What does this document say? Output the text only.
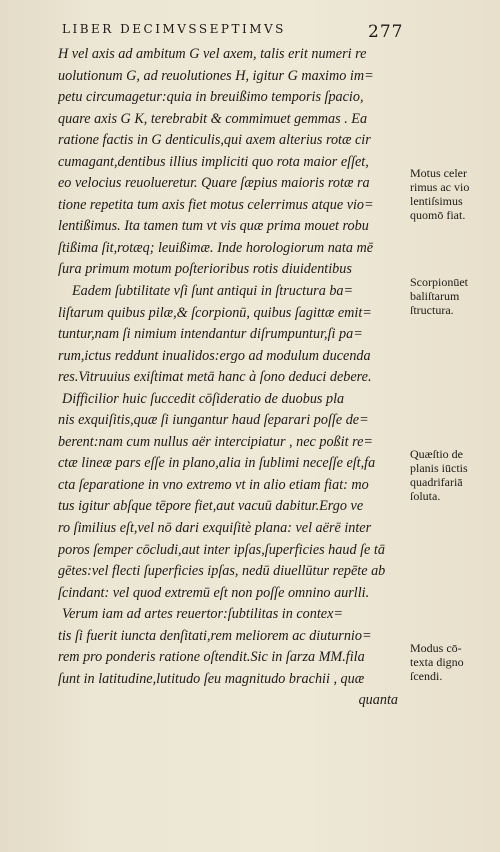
LIBER DECIMVSSEPTIMVS	277
H vel axis ad ambitum G vel axem, talis erit numeri re
uolutionum G, ad reuolutiones H, igitur G maximo im=
petu circumagetur:quia in breuißimo temporis ſpacio,
quare axis G K, terebrabit & commimuet gemmas . Ea
ratione factis in G denticulis,qui axem alterius rotæ cir
cumagant,dentibus illius impliciti quo rota maior eſſet,
eo velocius reuolueretur. Quare ſæpius maioris rotæ ra
tione repetita tum axis fiet motus celerrimus atque vio=
lentißimus. Ita tamen tum vt vis quæ prima mouet robu
ſtißima ſit,rotæq; leuißimæ. Inde horologiorum nata mē
ſura primum motum poſterioribus rotis diuidentibus
Eadem ſubtilitate vſi ſunt antiqui in ſtructura ba=
liſtarum quibus pilæ,& ſcorpionū, quibus ſagittæ emit=
tuntur,nam ſi nimium intendantur diſrumpuntur,ſi pa=
rum,ictus reddunt inualidos:ergo ad modulum ducenda
res.Vitruuius exiſtimat metā hanc à ſono deduci debere.
Difficilior huic ſuccedit cōſideratio de duobus pla
nis exquiſitis,quæ ſi iungantur haud ſeparari poſſe de=
berent:nam cum nullus aër intercipiatur , nec poßit re=
ctæ lineæ pars eſſe in plano,alia in ſublimi neceſſe eſt,fa
cta ſeparatione in vno extremo vt in alio etiam fiat: mo
tus igitur abſque tēpore fiet,aut vacuū dabitur.Ergo ve
ro ſimilius eſt,vel nō dari exquiſitè plana: vel aërē inter
poros ſemper cōcludi,aut inter ipſas,ſuperficies haud ſe tā
gētes:vel flecti ſuperficies ipſas, nedū diuellūtur repēte ab
ſcindant: vel quod extremū eſt non poſſe omnino aurlli.
Verum iam ad artes reuertor:ſubtilitas in contex=
tis ſi fuerit iuncta denſitati,rem meliorem ac diuturnio=
rem pro ponderis ratione oſtendit.Sic in ſarza MM.fila
ſunt in latitudine,lutitudo ſeu magnitudo brachii , quæ
quanta
Motus celer
rimus ac vio
lentiſsimus
quomō fiat.
Scorpionūet
baliſtarum
ſtructura.
Quæſtio de
planis iūctis
quadrifariā
ſoluta.
Modus cō-
texta digno
ſcendi.
